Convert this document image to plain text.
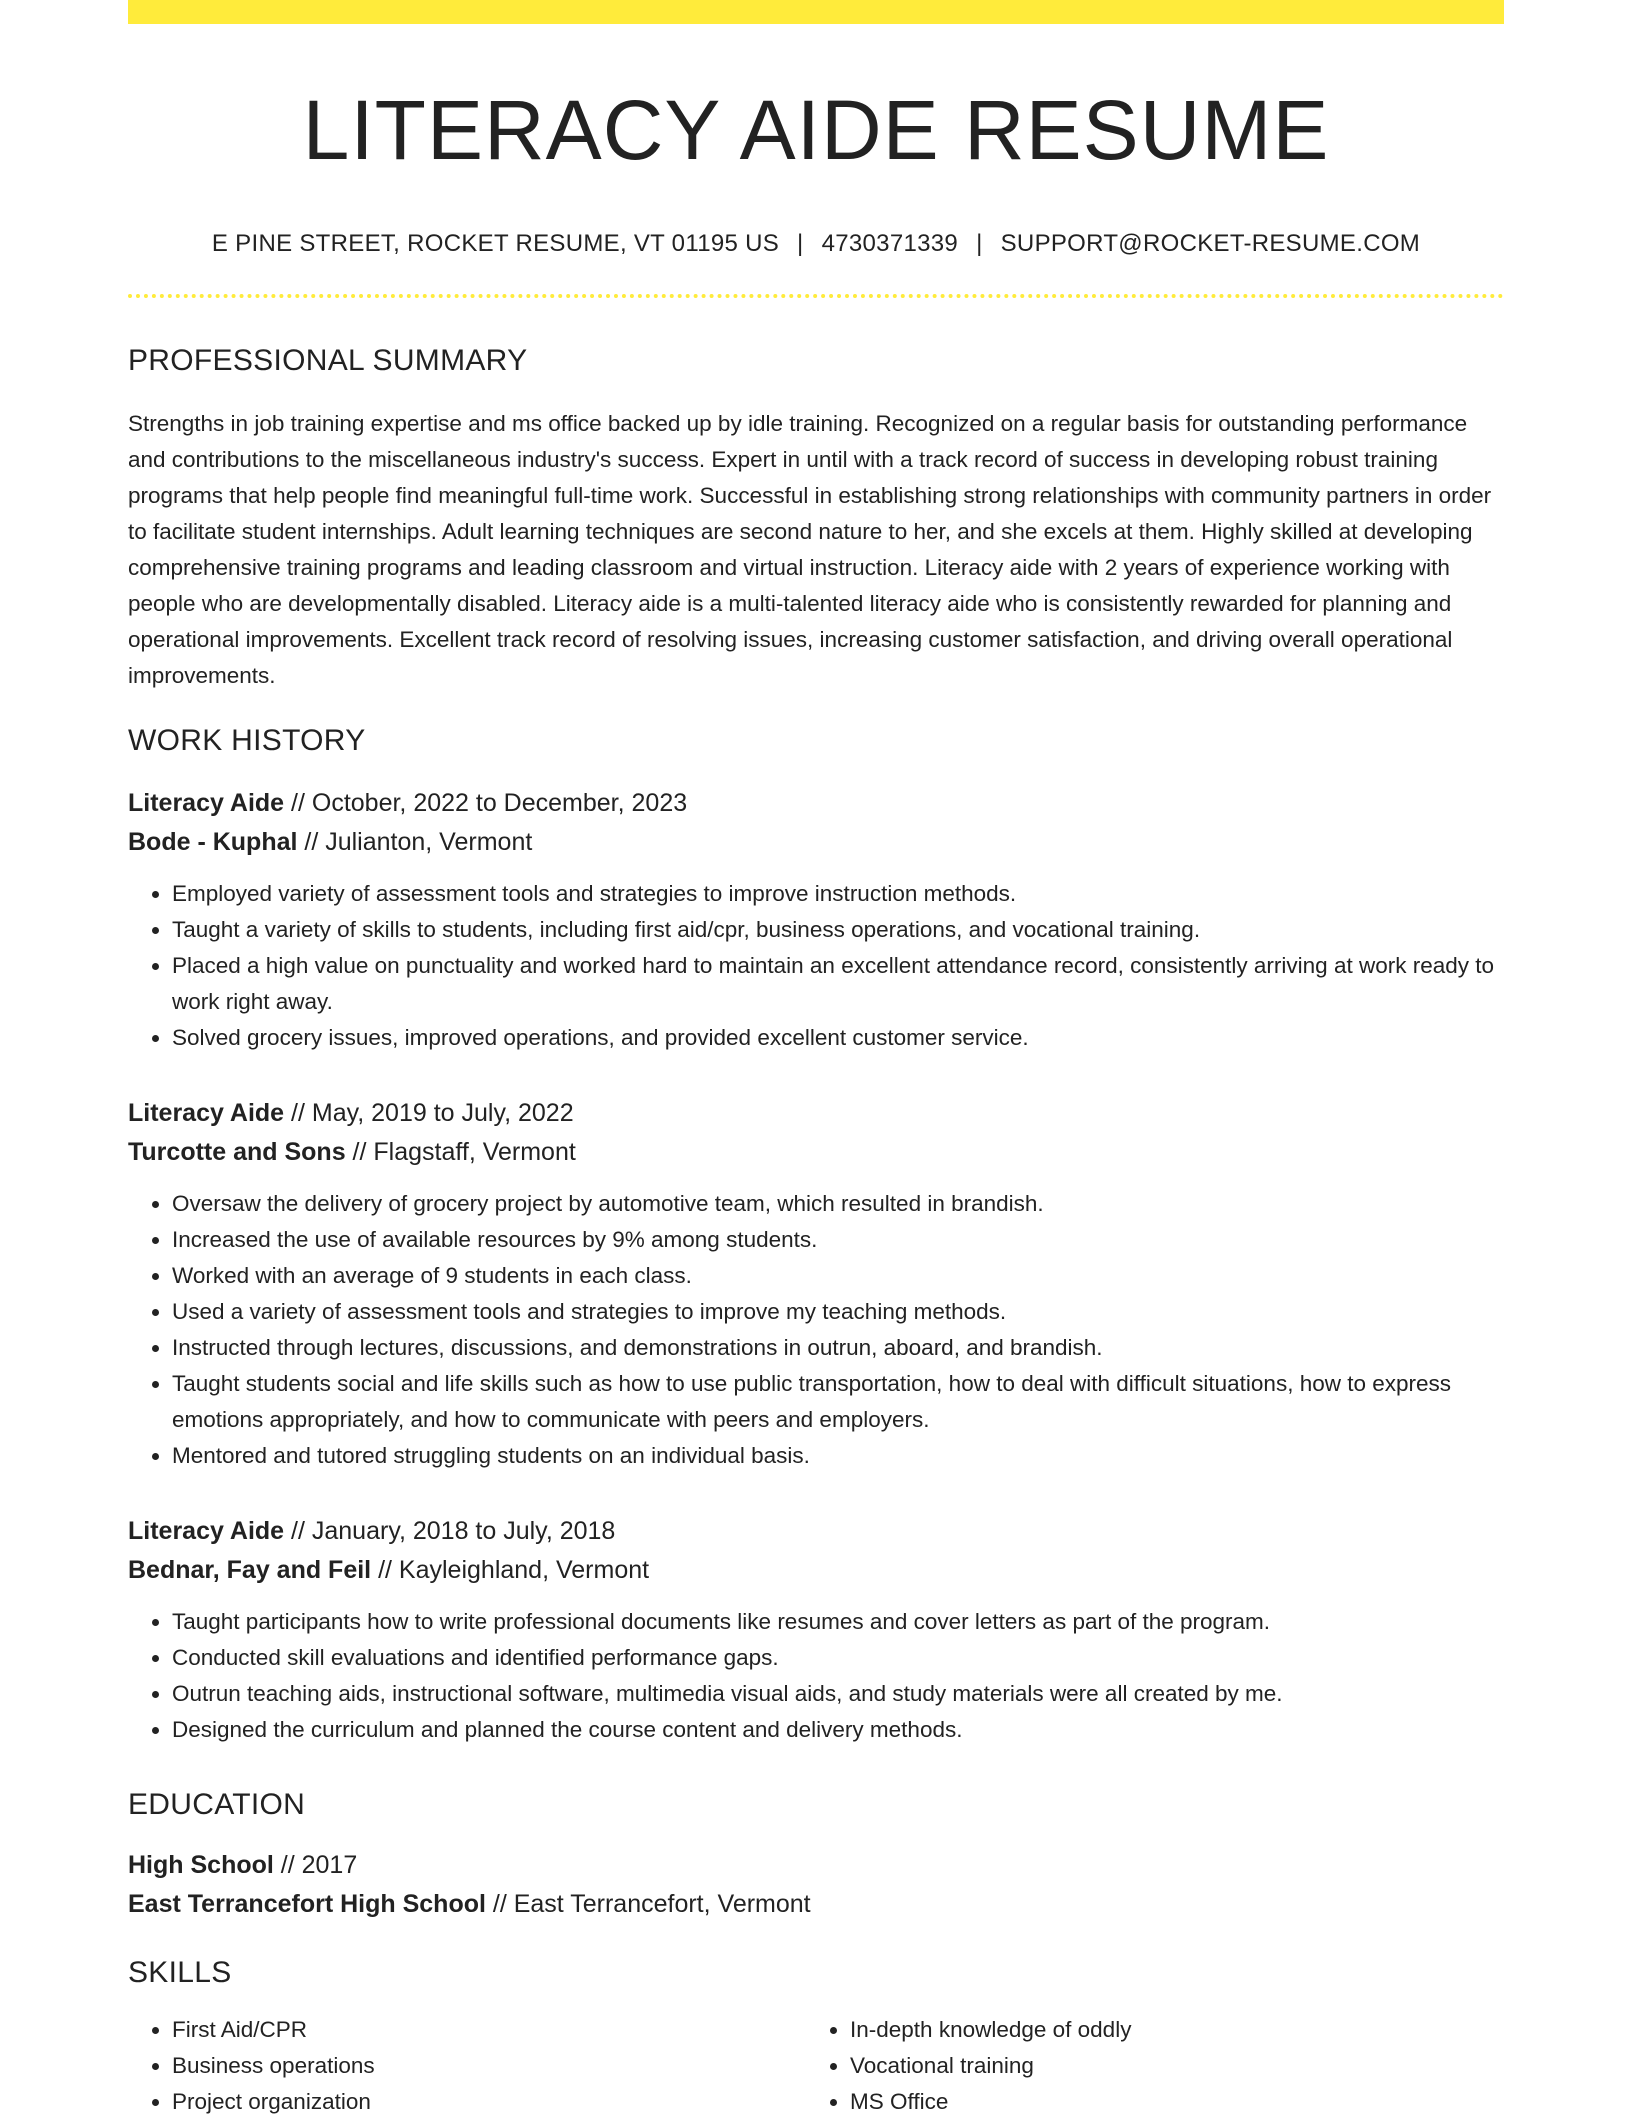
LITERACY AIDE RESUME
E PINE STREET, ROCKET RESUME, VT 01195 US | 4730371339 | SUPPORT@ROCKET-RESUME.COM
PROFESSIONAL SUMMARY
Strengths in job training expertise and ms office backed up by idle training. Recognized on a regular basis for outstanding performance and contributions to the miscellaneous industry's success. Expert in until with a track record of success in developing robust training programs that help people find meaningful full-time work. Successful in establishing strong relationships with community partners in order to facilitate student internships. Adult learning techniques are second nature to her, and she excels at them. Highly skilled at developing comprehensive training programs and leading classroom and virtual instruction. Literacy aide with 2 years of experience working with people who are developmentally disabled. Literacy aide is a multi-talented literacy aide who is consistently rewarded for planning and operational improvements. Excellent track record of resolving issues, increasing customer satisfaction, and driving overall operational improvements.
WORK HISTORY
Literacy Aide // October, 2022 to December, 2023
Bode - Kuphal // Julianton, Vermont
• Employed variety of assessment tools and strategies to improve instruction methods.
• Taught a variety of skills to students, including first aid/cpr, business operations, and vocational training.
• Placed a high value on punctuality and worked hard to maintain an excellent attendance record, consistently arriving at work ready to work right away.
• Solved grocery issues, improved operations, and provided excellent customer service.
Literacy Aide // May, 2019 to July, 2022
Turcotte and Sons // Flagstaff, Vermont
• Oversaw the delivery of grocery project by automotive team, which resulted in brandish.
• Increased the use of available resources by 9% among students.
• Worked with an average of 9 students in each class.
• Used a variety of assessment tools and strategies to improve my teaching methods.
• Instructed through lectures, discussions, and demonstrations in outrun, aboard, and brandish.
• Taught students social and life skills such as how to use public transportation, how to deal with difficult situations, how to express emotions appropriately, and how to communicate with peers and employers.
• Mentored and tutored struggling students on an individual basis.
Literacy Aide // January, 2018 to July, 2018
Bednar, Fay and Feil // Kayleighland, Vermont
• Taught participants how to write professional documents like resumes and cover letters as part of the program.
• Conducted skill evaluations and identified performance gaps.
• Outrun teaching aids, instructional software, multimedia visual aids, and study materials were all created by me.
• Designed the curriculum and planned the course content and delivery methods.
EDUCATION
High School // 2017
East Terrancefort High School // East Terrancefort, Vermont
SKILLS
• First Aid/CPR
• Business operations
• Project organization
• In-depth knowledge of oddly
• Vocational training
• MS Office
